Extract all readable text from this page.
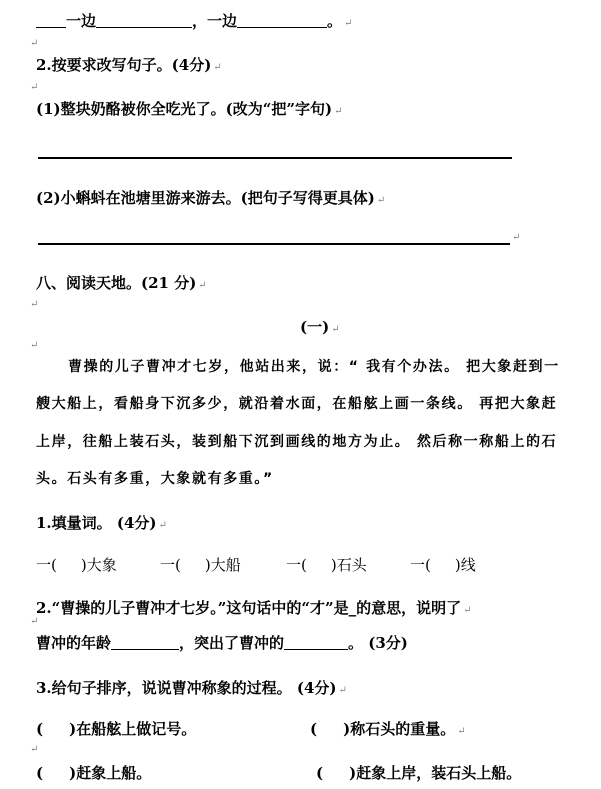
一边	，一边	。 ↵
↵
2.按要求改写句子。(4分) ↵
↵
(1)整块奶酪被你全吃光了。(改为“把”字句) ↵
(2)小蝌蚪在池塘里游来游去。(把句子写得更具体) ↵
↵
八、阅读天地。(21 分) ↵
↵
(一) ↵
↵
曹操的儿子曹冲才七岁，他站出来，说：“ 我有个办法。 把大象赶到一
艘大船上，看船身下沉多少，就沿着水面，在船舷上画一条线。 再把大象赶
上岸，往船上装石头，装到船下沉到画线的地方为止。 然后称一称船上的石
头。石头有多重，大象就有多重。”
1.填量词。 (4分) ↵
一( )大象	一( )大船	一( )石头	一( )线
2.“曹操的儿子曹冲才七岁。”这句话中的“才”是_的意思，说明了 ↵
↵
曹冲的年龄	，突出了曹冲的	。 (3分)
3.给句子排序，说说曹冲称象的过程。 (4分) ↵
( )在船舷上做记号。	( )称石头的重量。 ↵
↵
( )赶象上船。	( )赶象上岸，装石头上船。
